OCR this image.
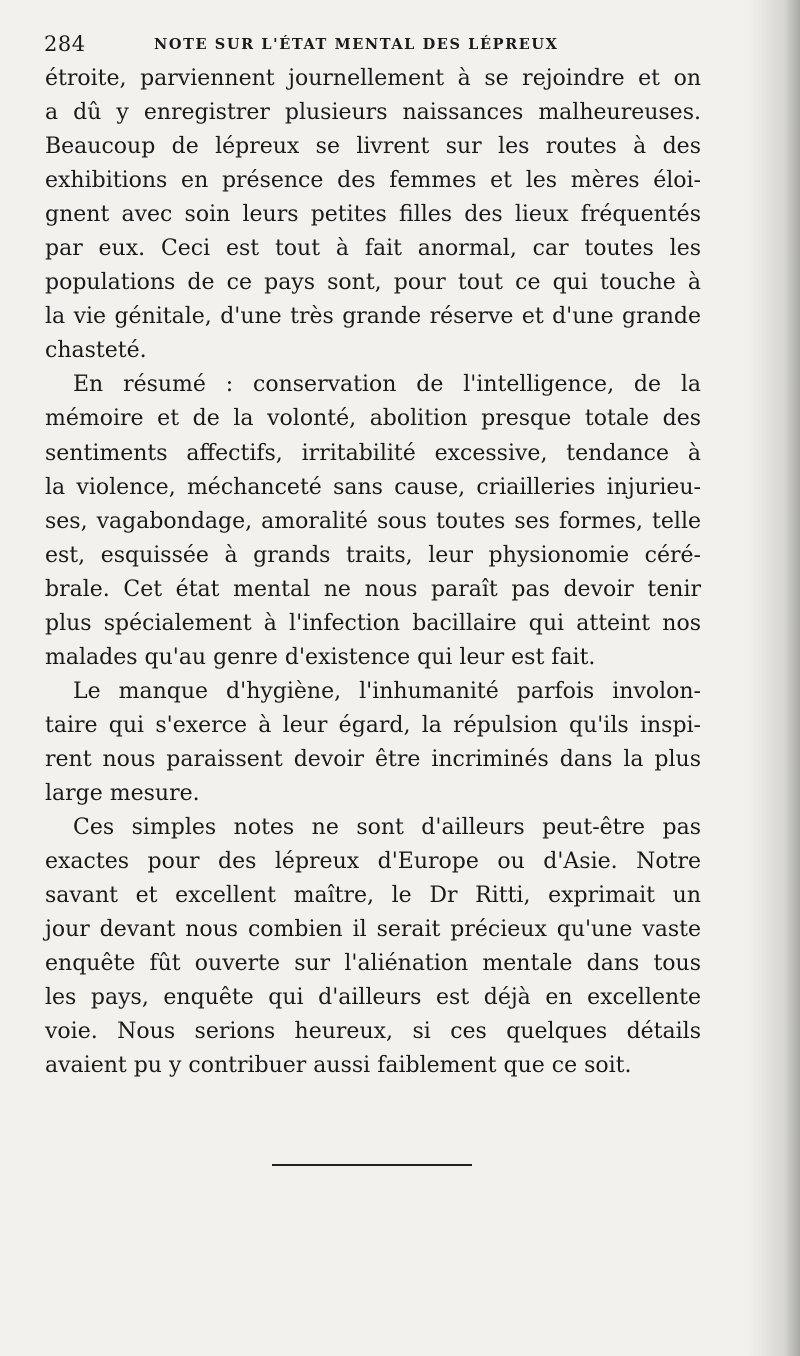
284	NOTE SUR L'ÉTAT MENTAL DES LÉPREUX
étroite, parviennent journellement à se rejoindre et on
a dû y enregistrer plusieurs naissances malheureuses.
Beaucoup de lépreux se livrent sur les routes à des
exhibitions en présence des femmes et les mères éloi-
gnent avec soin leurs petites filles des lieux fréquentés
par eux. Ceci est tout à fait anormal, car toutes les
populations de ce pays sont, pour tout ce qui touche à
la vie génitale, d'une très grande réserve et d'une grande
chasteté.
En résumé : conservation de l'intelligence, de la
mémoire et de la volonté, abolition presque totale des
sentiments affectifs, irritabilité excessive, tendance à
la violence, méchanceté sans cause, criailleries injurieu-
ses, vagabondage, amoralité sous toutes ses formes, telle
est, esquissée à grands traits, leur physionomie céré-
brale. Cet état mental ne nous paraît pas devoir tenir
plus spécialement à l'infection bacillaire qui atteint nos
malades qu'au genre d'existence qui leur est fait.
Le manque d'hygiène, l'inhumanité parfois involon-
taire qui s'exerce à leur égard, la répulsion qu'ils inspi-
rent nous paraissent devoir être incriminés dans la plus
large mesure.
Ces simples notes ne sont d'ailleurs peut-être pas
exactes pour des lépreux d'Europe ou d'Asie. Notre
savant et excellent maître, le Dr Ritti, exprimait un
jour devant nous combien il serait précieux qu'une vaste
enquête fût ouverte sur l'aliénation mentale dans tous
les pays, enquête qui d'ailleurs est déjà en excellente
voie. Nous serions heureux, si ces quelques détails
avaient pu y contribuer aussi faiblement que ce soit.
